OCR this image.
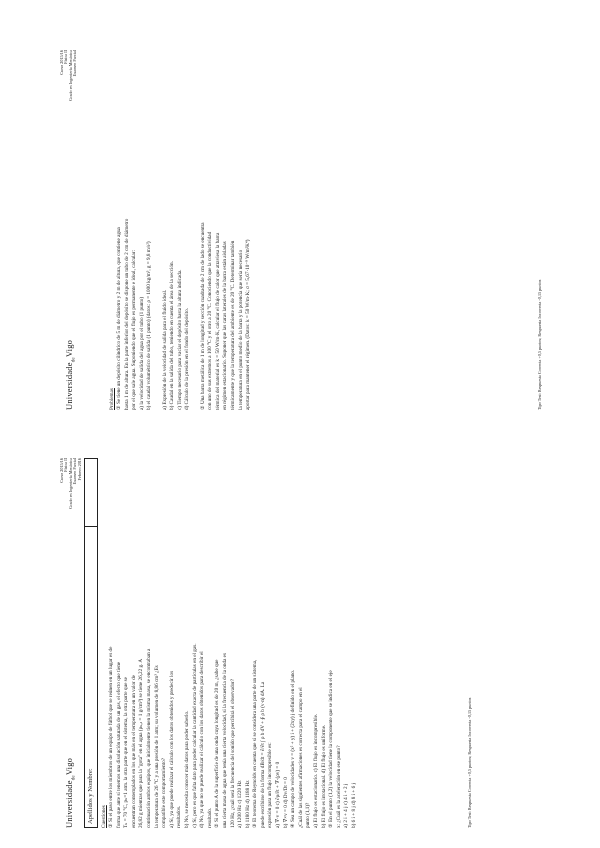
Universidade$_{de}$Vigo
Curso 2015/16 Física II Grado en Ingeniería Mecánica Examen Parcial Febrero 2016
Apellidos y Nombre: Cuestiones ① Si el paso entre los miembros de un equipo de fútbol que se reúnen en un lugar es de forma que ante sí tenemos una disolución saturada de un gas, el efecto que tiene Tₕ = 70 °C, pₕ=1 atm. la otra parte que en el sistema, la otra parte que se encuentran contemplados en los que más en el temperatura en un valor de 26,82 g mientras que para la "gota" en el agua (ρₕₒₗ = 1 g/cm³) se tiene 26,22 g. A continuación ambos equipos, que inicialmente tienen la misma masa, se encontraban a la temperatura de 26 °C y a una presión de 1 atm; su volumen de 8,86 cm³ ¿Es compatible este comportamiento? a) Sí, ya que puede realizar el cálculo con los datos obtenidos y predecir los resultados. b) No, se necesita conocer más datos para poder saberlo. c) Sí, pero es que falta dato para poder calcular la cantidad exacta de partículas en el gas. d) No, ya que no se puede realizar el cálculo con los datos obtenidos para describir el resultado. ② Si el punto A de la superficie de una onda cuya longitud es de 20 m, ¿sabe que una cierta masa de agua que tenía una cierta velocidad, si la frecuencia de la onda es 120 Hz, ¿cuál será la frecuencia del sonido que percibirá el observador? a) 1200 Hz c) 1220 Hz b) 1180 Hz d) 1188 Hz ③ El teorema de Reynolds en cuenta que si se considera una parte de un sistema, puede escribirse de la forma dB/dt = ∂/∂t ∫ ρ b dV + ∮ ρ b (v·n) dA. La expresión para un flujo incompresible es: a) ∇·v = 0 c) ∂ρ/∂t + ∇·(ρv) = 0 b) ∇×v = 0 d) Dv/Dt = 0 ④ Sea un campo de velocidades v = (x² + y) i + (2xy) j definido en el plano. ¿Cuál de las siguientes afirmaciones es correcta para el campo en el punto (1,1)? a) El flujo es estacionario. c) El flujo es incompresible. b) El flujo es irrotacional. d) El flujo es uniforme. ⑤ En el punto (1,2) la velocidad tiene la componente que se indica en el eje x: ¿Cuál es la aceleración en ese punto? a) 2 i + 4 j c) 4 i + 2 j b) 6 i + 8 j d) 8 i + 6 j	Tipo Test: Respuesta Correcta +0,5 puntos; Respuesta Incorrecta -0,15 puntos
Universidade$_{de}$Vigo
Curso 2015/16 Física II Grado en Ingeniería Mecánica Examen Parcial
Problemas ① Se tiene un depósito cilíndrico de 5 m de diámetro y 2 m de altura, que contiene agua hasta 1 m de altura. En la parte inferior del depósito se dispone un tubo de 2 cm de diámetro por el que sale agua. Suponiendo que el flujo es permanente e ideal, calcular: a) la velocidad de salida del agua por el tubo (1 punto) b) el caudal volumétrico de salida (1 punto) (datos: ρ = 1000 kg/m³, g = 9,8 m/s²)	a) Expresión de la velocidad de salida para el fluido ideal. b) Caudal en la salida del tubo, teniendo en cuenta el área de la sección. c) Tiempo necesario para vaciar el depósito hasta la altura indicada. d) Cálculo de la presión en el fondo del depósito.	② Una barra metálica de 1 m de longitud y sección cuadrada de 2 cm de lado se encuentra con uno de sus extremos a 100 °C y el otro a 20 °C. Conociendo que la conductividad térmica del material es k = 50 W/m·K, calcular el flujo de calor que atraviesa la barra en régimen estacionario. Suponer que las caras laterales de la barra están aisladas térmicamente y que la temperatura del ambiente es de 20 °C. Determinar también la temperatura en el punto medio de la barra y la potencia que sería necesario aportar para mantener el régimen. (Datos: k = 50 W/m·K; σ = 5,67·10⁻⁸ W/m²K⁴)	Tipo Test: Respuesta Correcta +0,5 puntos; Respuesta Incorrecta -0,15 puntos
